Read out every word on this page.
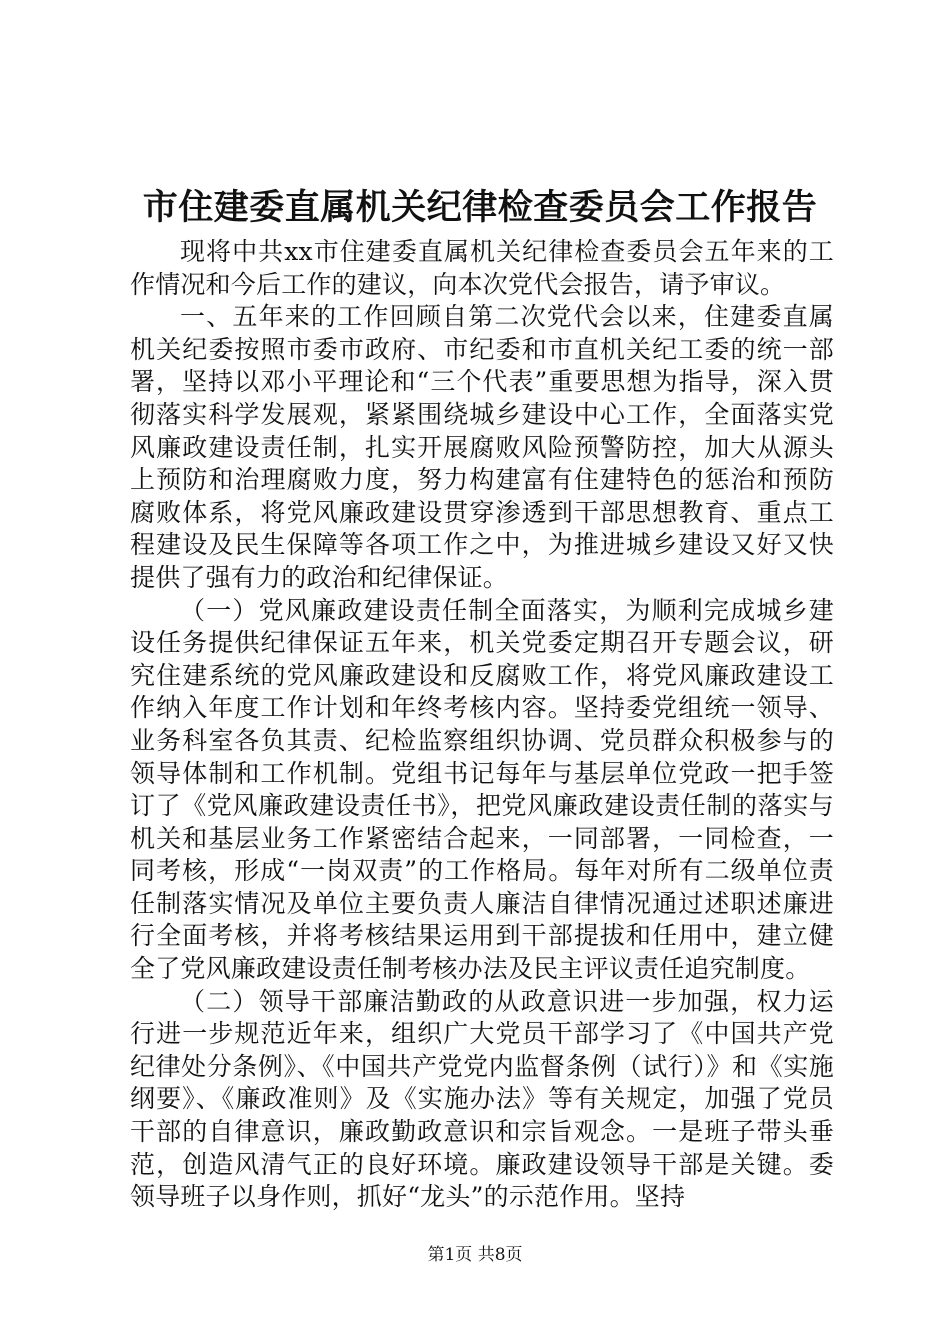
市住建委直属机关纪律检查委员会工作报告

现将中共xx市住建委直属机关纪律检查委员会五年来的工作情况和今后工作的建议，向本次党代会报告，请予审议。

一、五年来的工作回顾自第二次党代会以来，住建委直属机关纪委按照市委市政府、市纪委和市直机关纪工委的统一部署，坚持以邓小平理论和“三个代表”重要思想为指导，深入贯彻落实科学发展观，紧紧围绕城乡建设中心工作，全面落实党风廉政建设责任制，扎实开展腐败风险预警防控，加大从源头上预防和治理腐败力度，努力构建富有住建特色的惩治和预防腐败体系，将党风廉政建设贯穿渗透到干部思想教育、重点工程建设及民生保障等各项工作之中，为推进城乡建设又好又快提供了强有力的政治和纪律保证。

（一）党风廉政建设责任制全面落实，为顺利完成城乡建设任务提供纪律保证五年来，机关党委定期召开专题会议，研究住建系统的党风廉政建设和反腐败工作，将党风廉政建设工作纳入年度工作计划和年终考核内容。坚持委党组统一领导、业务科室各负其责、纪检监察组织协调、党员群众积极参与的领导体制和工作机制。党组书记每年与基层单位党政一把手签订了《党风廉政建设责任书》，把党风廉政建设责任制的落实与机关和基层业务工作紧密结合起来，一同部署，一同检查，一同考核，形成“一岗双责”的工作格局。每年对所有二级单位责任制落实情况及单位主要负责人廉洁自律情况通过述职述廉进行全面考核，并将考核结果运用到干部提拔和任用中，建立健全了党风廉政建设责任制考核办法及民主评议责任追究制度。

（二）领导干部廉洁勤政的从政意识进一步加强，权力运行进一步规范近年来，组织广大党员干部学习了《中国共产党纪律处分条例》、《中国共产党党内监督条例（试行）》和《实施纲要》、《廉政准则》及《实施办法》等有关规定，加强了党员干部的自律意识，廉政勤政意识和宗旨观念。一是班子带头垂范，创造风清气正的良好环境。廉政建设领导干部是关键。委领导班子以身作则，抓好“龙头”的示范作用。坚持

第1页 共8页
